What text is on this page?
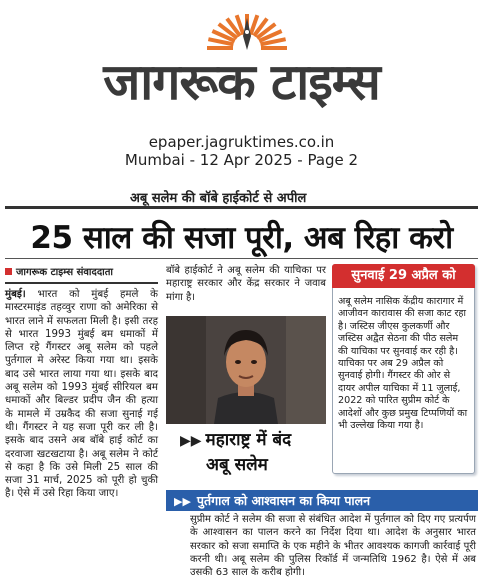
जागरूक टाइम्स
epaper.jagruktimes.co.in
Mumbai - 12 Apr 2025 - Page 2
अबू सलेम की बॉबे हाईकोर्ट से अपील
25 साल की सजा पूरी, अब रिहा करो
जागरूक टाइम्स संवाददाता
मुंबई। भारत को मुंबई हमले के मास्टरमाइंड तहव्वुर राणा को अमेरिका से भारत लाने में सफलता मिली है। इसी तरह से भारत 1993 मुंबई बम धमाकों में लिप्त रहे गैंगस्टर अबू सलेम को पहले पुर्तगाल मे अरेस्ट किया गया था। इसके बाद उसे भारत लाया गया था। इसके बाद अबू सलेम को 1993 मुंबई सीरियल बम धमाकों और बिल्डर प्रदीप जैन की हत्या के मामले में उम्रकैद की सजा सुनाई गई थी। गैंगस्टर ने यह सजा पूरी कर ली है। इसके बाद उसने अब बॉबे हाई कोर्ट का दरवाजा खटखटाया है। अबू सलेम ने कोर्ट से कहा है कि उसे मिली 25 साल की सजा 31 मार्च, 2025 को पूरी हो चुकी है। ऐसे में उसे रिहा किया जाए।
बॉबे हाईकोर्ट ने अबू सलेम की याचिका पर महाराष्ट्र सरकार और केंद्र सरकार ने जवाब मांगा है।
▶▶ महाराष्ट्र में बंद
अबू सलेम
सुनवाई 29 अप्रैल को
अबू सलेम नासिक केंद्रीय कारागार में आजीवन कारावास की सजा काट रहा है। जस्टिस जीएस कुलकर्णी और जस्टिस अद्वैत सेठना की पीठ सलेम की याचिका पर सुनवाई कर रही है। याचिका पर अब 29 अप्रैल को सुनवाई होगी। गैंगस्टर की ओर से दायर अपील याचिका में 11 जुलाई, 2022 को पारित सुप्रीम कोर्ट के आदेशों और कुछ प्रमुख टिप्पणियों का भी उल्लेख किया गया है।
▶▶ पुर्तगाल को आश्वासन का किया पालन
सुप्रीम कोर्ट ने सलेम की सजा से संबंधित आदेश में पुर्तगाल को दिए गए प्रत्यर्पण के आश्वासन का पालन करने का निर्देश दिया था। आदेश के अनुसार भारत सरकार को सजा समाप्ति के एक महीने के भीतर आवश्यक कागजी कार्रवाई पूरी करनी थी। अबू सलेम की पुलिस रिकॉर्ड में जन्मतिथि 1962 है। ऐसे में अब उसकी 63 साल के करीब होगी।
